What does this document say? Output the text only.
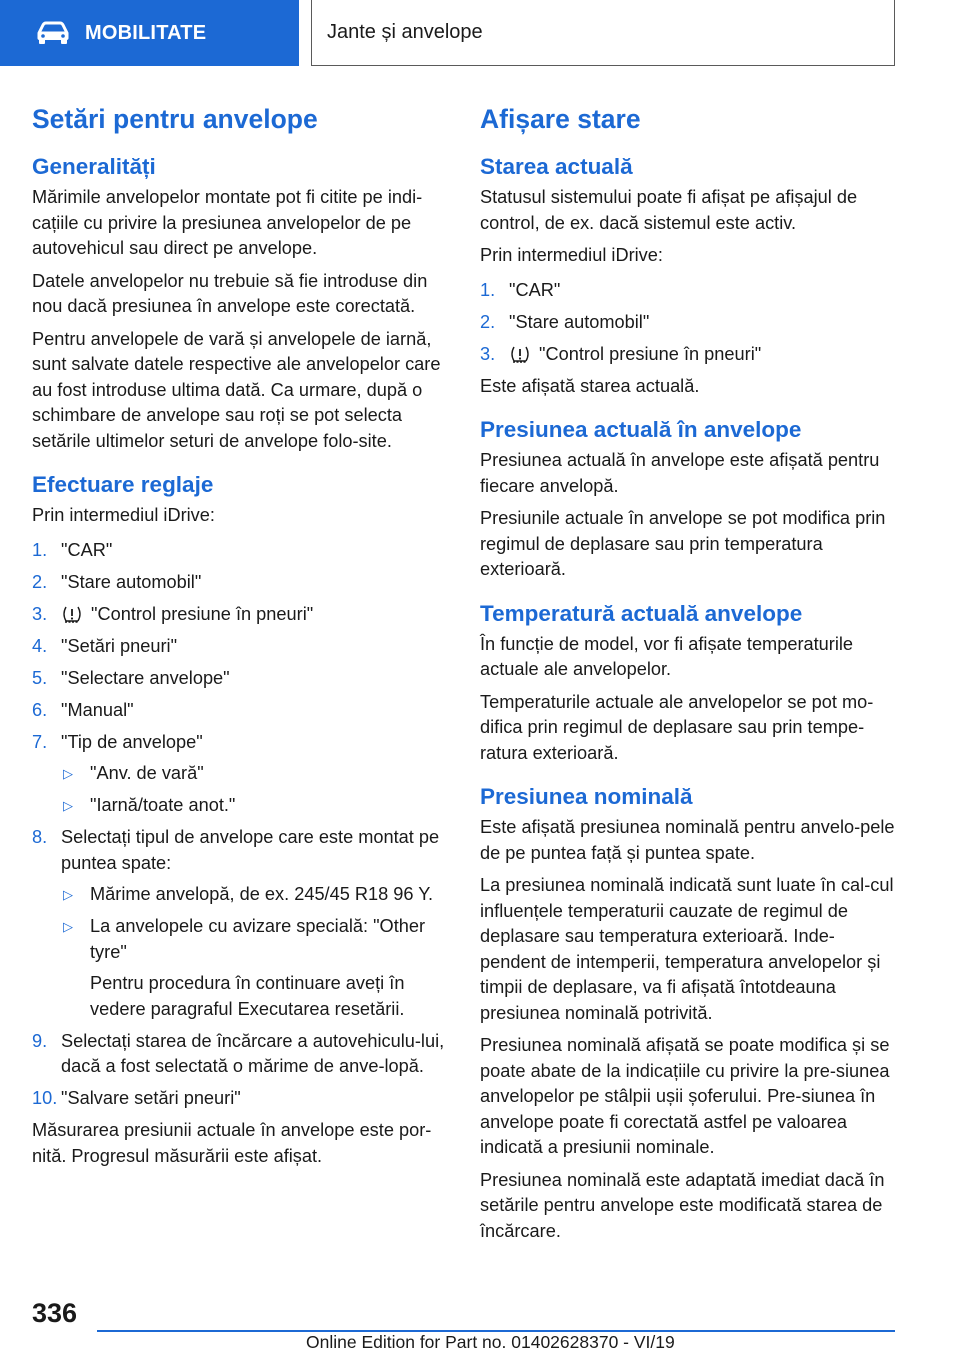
MOBILITATE	Jante și anvelope
Setări pentru anvelope
Generalități

Mărimile anvelopelor montate pot fi citite pe indi‐cațiile cu privire la presiunea anvelopelor de pe autovehicul sau direct pe anvelope.

Datele anvelopelor nu trebuie să fie introduse din nou dacă presiunea în anvelope este corectată.

Pentru anvelopele de vară și anvelopele de iarnă, sunt salvate datele respective ale anvelopelor care au fost introduse ultima dată. Ca urmare, după o schimbare de anvelope sau roți se pot selecta setările ultimelor seturi de anvelope folo‐site.

Efectuare reglaje

Prin intermediul iDrive:

1. "CAR"
2. "Stare automobil"
3. "Control presiune în pneuri"
4. "Setări pneuri"
5. "Selectare anvelope"
6. "Manual"
7. "Tip de anvelope"
▷ "Anv. de vară"
▷ "Iarnă/toate anot."
8. Selectați tipul de anvelope care este montat pe puntea spate:
▷ Mărime anvelopă, de ex. 245/45 R18 96 Y.
▷ La anvelopele cu avizare specială: "Other tyre"
Pentru procedura în continuare aveți în vedere paragraful Executarea resetării.
9. Selectați starea de încărcare a autovehiculu‐lui, dacă a fost selectată o mărime de anve‐lopă.
10. "Salvare setări pneuri"

Măsurarea presiunii actuale în anvelope este por‐nită. Progresul măsurării este afișat.

Afișare stare
Starea actuală

Statusul sistemului poate fi afișat pe afișajul de control, de ex. dacă sistemul este activ.

Prin intermediul iDrive:

1. "CAR"
2. "Stare automobil"
3. "Control presiune în pneuri"

Este afișată starea actuală.

Presiunea actuală în anvelope

Presiunea actuală în anvelope este afișată pentru fiecare anvelopă.

Presiunile actuale în anvelope se pot modifica prin regimul de deplasare sau prin temperatura exterioară.

Temperatură actuală anvelope

În funcție de model, vor fi afișate temperaturile actuale ale anvelopelor.

Temperaturile actuale ale anvelopelor se pot mo‐difica prin regimul de deplasare sau prin tempe‐ratura exterioară.

Presiunea nominală

Este afișată presiunea nominală pentru anvelo‐pele de pe puntea față și puntea spate.

La presiunea nominală indicată sunt luate în cal‐cul influențele temperaturii cauzate de regimul de deplasare sau temperatura exterioară. Inde‐pendent de intemperii, temperatura anvelopelor și timpii de deplasare, va fi afișată întotdeauna presiunea nominală potrivită.

Presiunea nominală afișată se poate modifica și se poate abate de la indicațiile cu privire la pre‐siunea anvelopelor pe stâlpii ușii șoferului. Pre‐siunea în anvelope poate fi corectată astfel pe valoarea indicată a presiunii nominale.

Presiunea nominală este adaptată imediat dacă în setările pentru anvelope este modificată starea de încărcare.

336
Online Edition for Part no. 01402628370 - VI/19
